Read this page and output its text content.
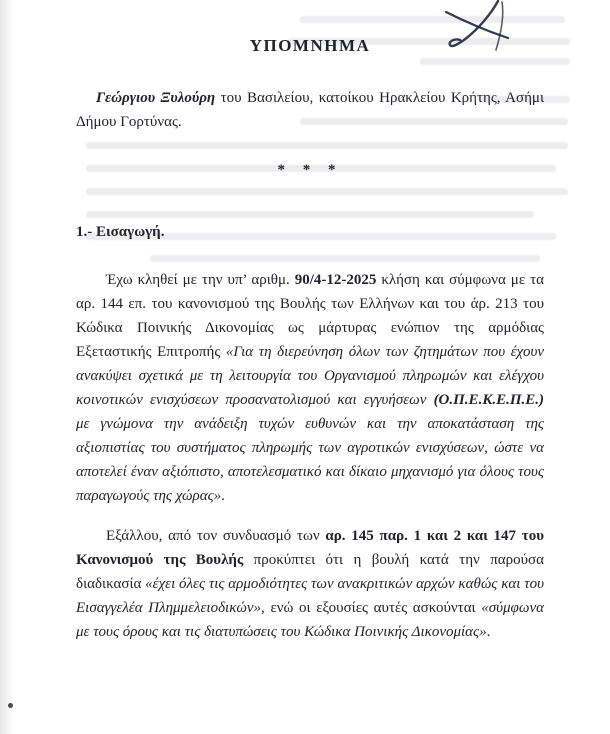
ΥΠΟΜΝΗΜΑ

Γεώργιου Ξυλούρη του Βασιλείου, κατοίκου Ηρακλείου Κρήτης, Ασήμι Δήμου Γορτύνας.

* * *
1.- Εισαγωγή.

Έχω κληθεί με την υπ’ αριθμ. 90/4-12-2025 κλήση και σύμφωνα με τα αρ. 144 επ. του κανονισμού της Βουλής των Ελλήνων και του άρ. 213 του Κώδικα Ποινικής Δικονομίας ως μάρτυρας ενώπιον της αρμόδιας Εξεταστικής Επιτροπής «Για τη διερεύνηση όλων των ζητημάτων που έχουν ανακύψει σχετικά με τη λειτουργία του Οργανισμού πληρωμών και ελέγχου κοινοτικών ενισχύσεων προσανατολισμού και εγγυήσεων (Ο.Π.Ε.Κ.Ε.Π.Ε.) με γνώμονα την ανάδειξη τυχών ευθυνών και την αποκατάσταση της αξιοπιστίας του συστήματος πληρωμής των αγροτικών ενισχύσεων, ώστε να αποτελεί έναν αξιόπιστο, αποτελεσματικό και δίκαιο μηχανισμό για όλους τους παραγωγούς της χώρας».

Εξάλλου, από τον συνδυασμό των αρ. 145 παρ. 1 και 2 και 147 του Κανονισμού της Βουλής προκύπτει ότι η βουλή κατά την παρούσα διαδικασία «έχει όλες τις αρμοδιότητες των ανακριτικών αρχών καθώς και του Εισαγγελέα Πλημμελειοδικών», ενώ οι εξουσίες αυτές ασκούνται «σύμφωνα με τους όρους και τις διατυπώσεις του Κώδικα Ποινικής Δικονομίας».
